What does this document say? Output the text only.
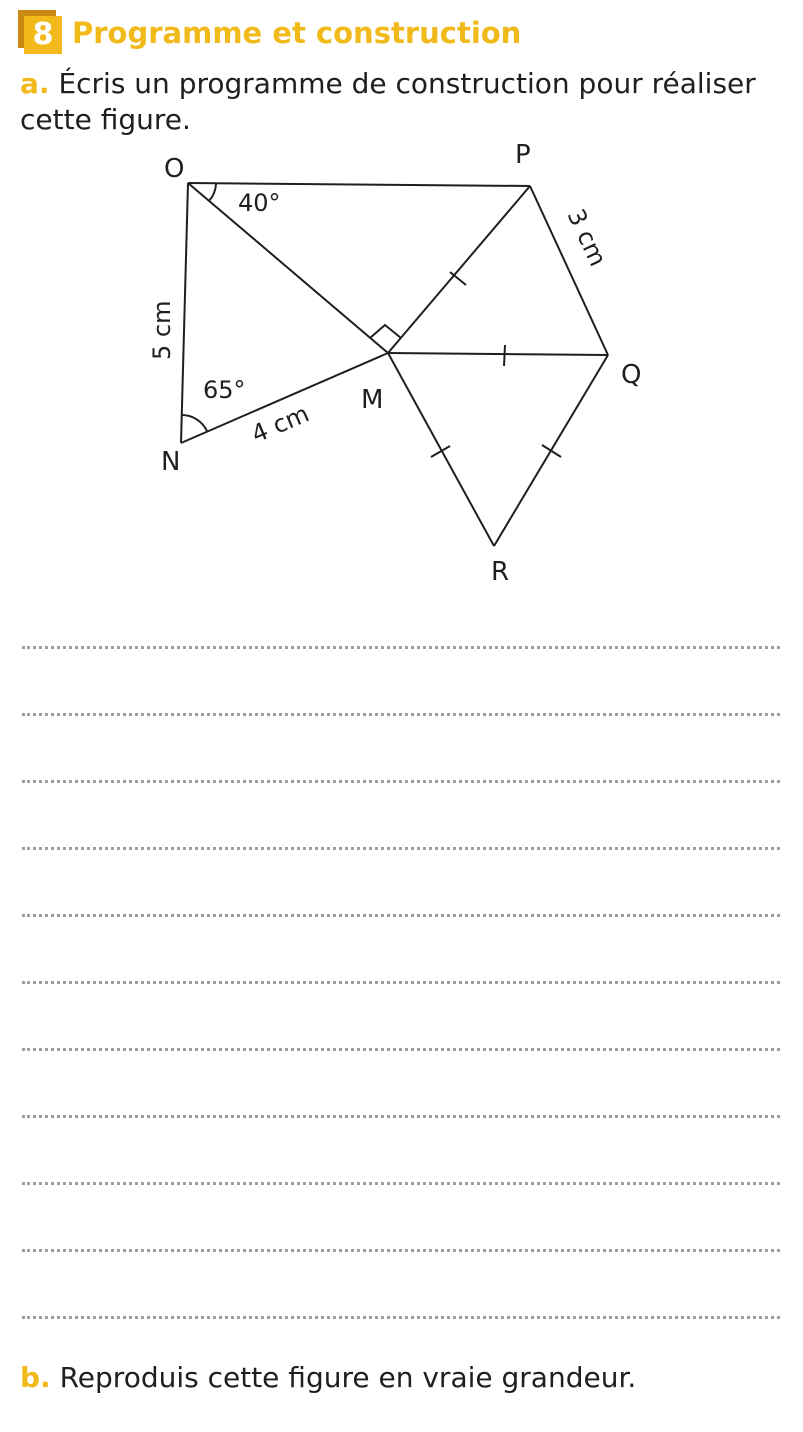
8 Programme et construction
a. Écris un programme de construction pour réaliser cette figure.
O	P
Q
N
M
R
40°
65°
5 cm
4 cm
3 cm
b. Reproduis cette figure en vraie grandeur.
